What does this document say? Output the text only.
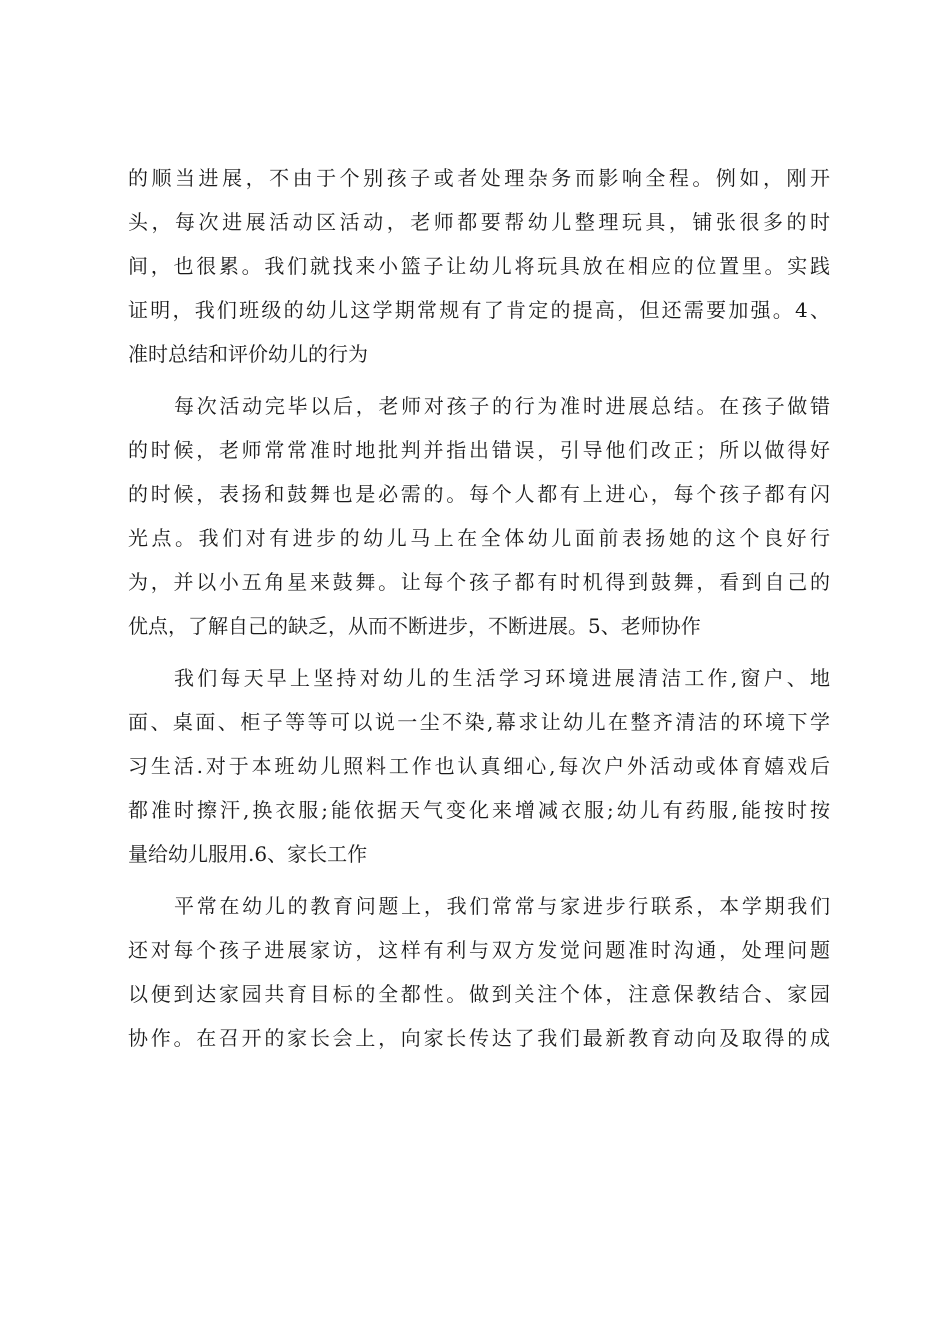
的顺当进展，不由于个别孩子或者处理杂务而影响全程。例如，刚开
头，每次进展活动区活动，老师都要帮幼儿整理玩具，铺张很多的时
间，也很累。我们就找来小篮子让幼儿将玩具放在相应的位置里。实践
证明，我们班级的幼儿这学期常规有了肯定的提高，但还需要加强。4、
准时总结和评价幼儿的行为
每次活动完毕以后，老师对孩子的行为准时进展总结。在孩子做错
的时候，老师常常准时地批判并指出错误，引导他们改正；所以做得好
的时候，表扬和鼓舞也是必需的。每个人都有上进心，每个孩子都有闪
光点。我们对有进步的幼儿马上在全体幼儿面前表扬她的这个良好行
为，并以小五角星来鼓舞。让每个孩子都有时机得到鼓舞，看到自己的
优点，了解自己的缺乏，从而不断进步，不断进展。5、老师协作
我们每天早上坚持对幼儿的生活学习环境进展清洁工作,窗户、地
面、桌面、柜子等等可以说一尘不染,幕求让幼儿在整齐清洁的环境下学
习生活.对于本班幼儿照料工作也认真细心,每次户外活动或体育嬉戏后
都准时擦汗,换衣服;能依据天气变化来增减衣服;幼儿有药服,能按时按
量给幼儿服用.6、家长工作
平常在幼儿的教育问题上，我们常常与家进步行联系，本学期我们
还对每个孩子进展家访，这样有利与双方发觉问题准时沟通，处理问题
以便到达家园共育目标的全都性。做到关注个体，注意保教结合、家园
协作。在召开的家长会上，向家长传达了我们最新教育动向及取得的成
